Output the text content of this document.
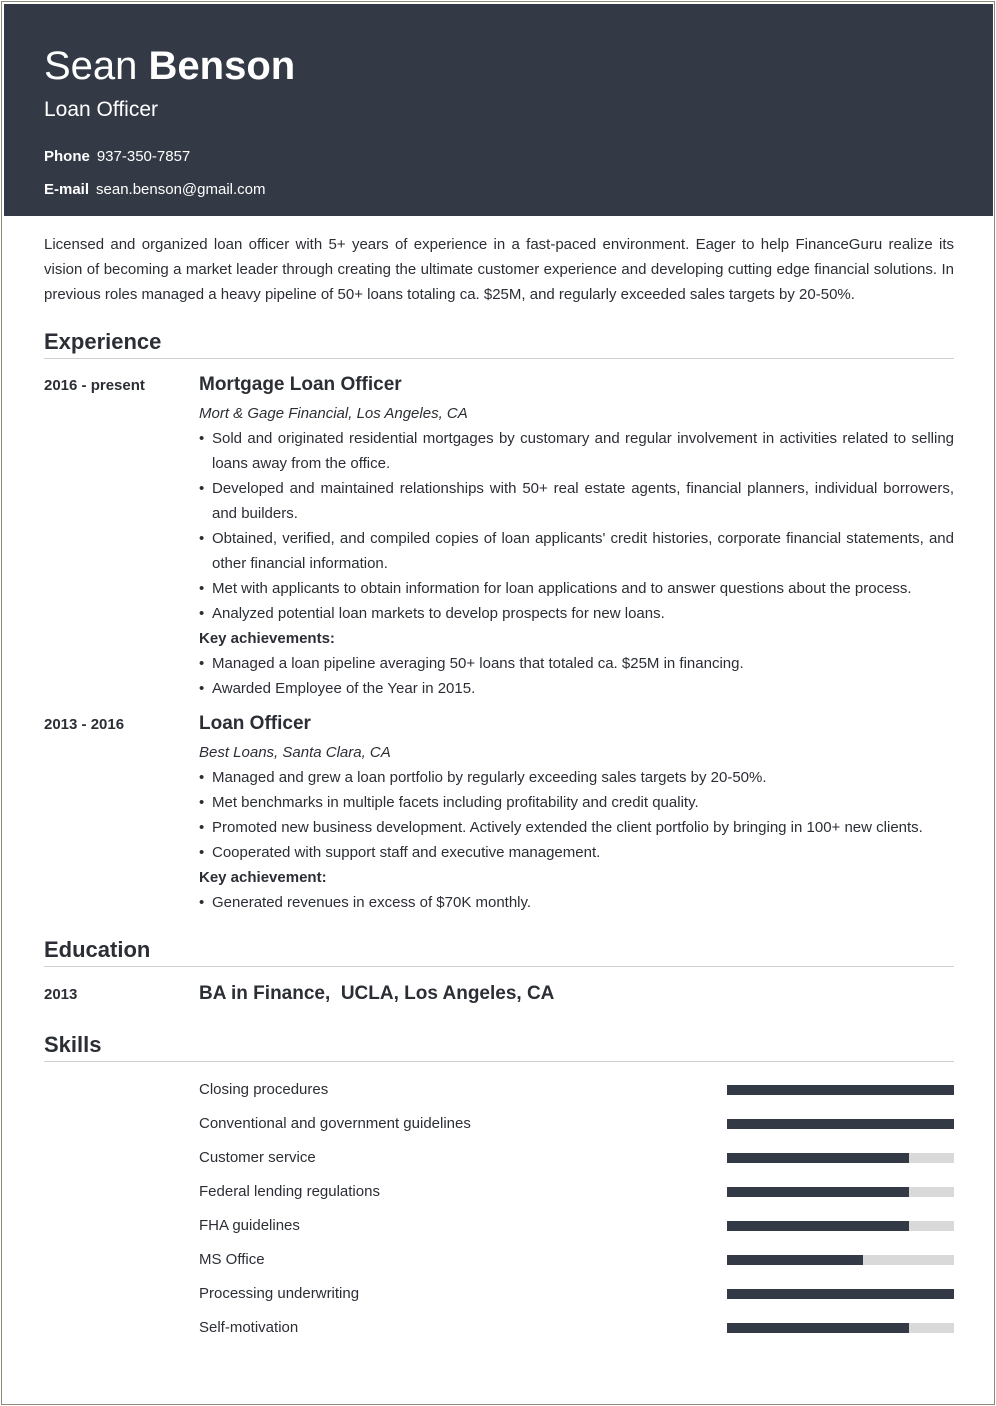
Sean Benson
Loan Officer
Phone 937-350-7857
E-mail sean.benson@gmail.com

Licensed and organized loan officer with 5+ years of experience in a fast-paced environment. Eager to help FinanceGuru realize its vision of becoming a market leader through creating the ultimate customer experience and developing cutting edge financial solutions. In previous roles managed a heavy pipeline of 50+ loans totaling ca. $25M, and regularly exceeded sales targets by 20-50%.

Experience
2016 - present	Mortgage Loan Officer
Mort & Gage Financial, Los Angeles, CA
• Sold and originated residential mortgages by customary and regular involvement in activities related to selling loans away from the office.
• Developed and maintained relationships with 50+ real estate agents, financial planners, individual borrowers, and builders.
• Obtained, verified, and compiled copies of loan applicants' credit histories, corporate financial statements, and other financial information.
• Met with applicants to obtain information for loan applications and to answer questions about the process.
• Analyzed potential loan markets to develop prospects for new loans.
Key achievements:
• Managed a loan pipeline averaging 50+ loans that totaled ca. $25M in financing.
• Awarded Employee of the Year in 2015.
2013 - 2016	Loan Officer
Best Loans, Santa Clara, CA
• Managed and grew a loan portfolio by regularly exceeding sales targets by 20-50%.
• Met benchmarks in multiple facets including profitability and credit quality.
• Promoted new business development. Actively extended the client portfolio by bringing in 100+ new clients.
• Cooperated with support staff and executive management.
Key achievement:
• Generated revenues in excess of $70K monthly.
Education
2013	BA in Finance,  UCLA, Los Angeles, CA
Skills
Closing procedures
Conventional and government guidelines
Customer service
Federal lending regulations
FHA guidelines
MS Office
Processing underwriting
Self-motivation
